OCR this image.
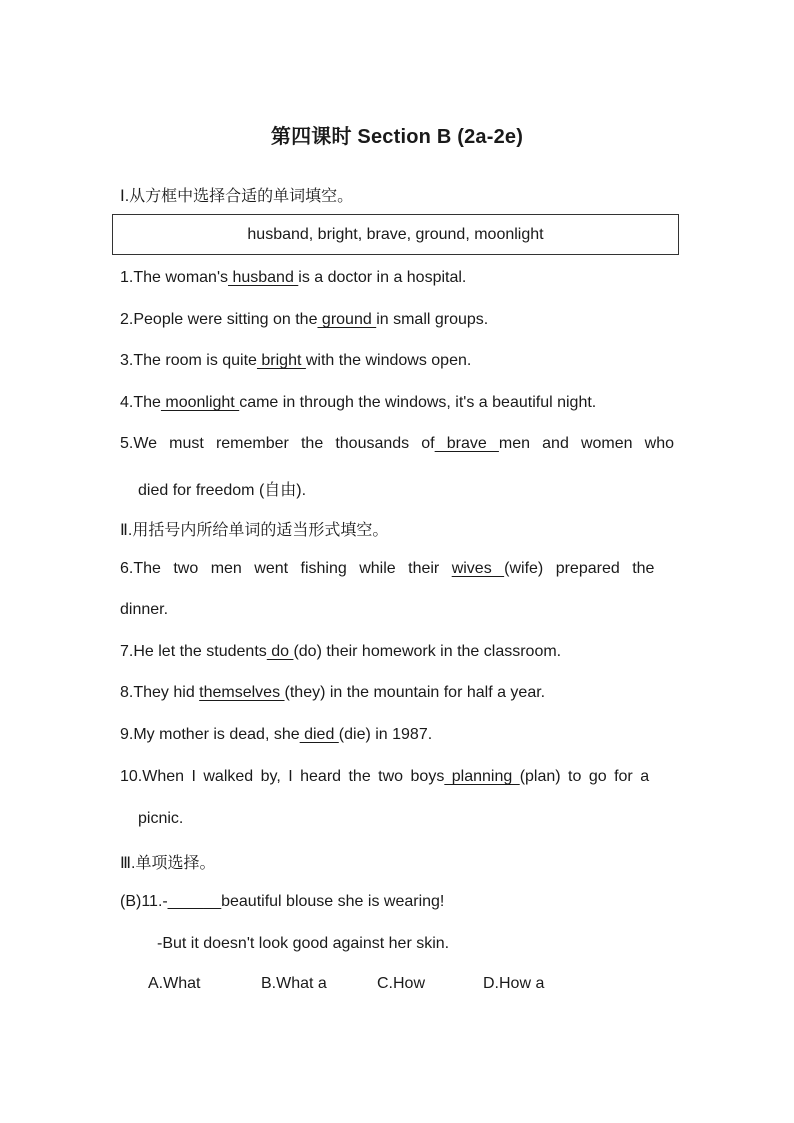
第四课时 Section B (2a-2e)
Ⅰ.从方框中选择合适的单词填空。
husband, bright, brave, ground, moonlight
1.The woman's husband is a doctor in a hospital.
2.People were sitting on the ground in small groups.
3.The room is quite bright with the windows open.
4.The moonlight came in through the windows, it's a beautiful night.
5.We must remember the thousands of brave men and women who
died for freedom (自由).
Ⅱ.用括号内所给单词的适当形式填空。
6.The two men went fishing while their wives (wife) prepared the
dinner.
7.He let the students do (do) their homework in the classroom.
8.They hid themselves (they) in the mountain for half a year.
9.My mother is dead, she died (die) in 1987.
10.When I walked by, I heard the two boys planning (plan) to go for a
picnic.
Ⅲ.单项选择。
(B)11.-______beautiful blouse she is wearing!
-But it doesn't look good against her skin.
A.What	B.What a	C.How	D.How a
